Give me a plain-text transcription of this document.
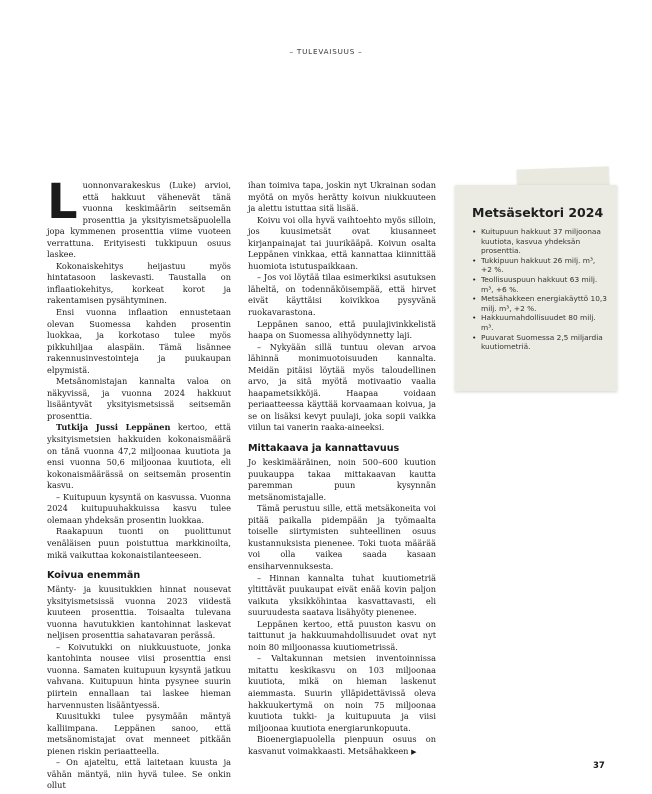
– TULEVAISUUS –
L uonnonvarakeskus (Luke) arvioi, että hakkuut vähenevät tänä vuonna keskimäärin seitsemän prosenttia ja yksityismetsäpuolella jopa kymmenen prosenttia viime vuoteen verrattuna. Erityisesti tukkipuun osuus laskee.

Kokonaiskehitys heijastuu myös hintatasoon laskevasti. Taustalla on inflaatiokehitys, korkeat korot ja rakentamisen pysähtyminen.

Ensi vuonna inflaation ennustetaan olevan Suomessa kahden prosentin luokkaa, ja korkotaso tulee myös pikkuhiljaa alaspäin. Tämä lisännee rakennusinvestointeja ja puukaupan elpymistä.

Metsänomistajan kannalta valoa on näkyvissä, ja vuonna 2024 hakkuut lisääntyvät yksityismetsissä seitsemän prosenttia.

Tutkija Jussi Leppänen kertoo, että yksityismetsien hakkuiden kokonaismäärä on tänä vuonna 47,2 miljoonaa kuutiota ja ensi vuonna 50,6 miljoonaa kuutiota, eli kokonaismäärässä on seitsemän prosentin kasvu.

– Kuitupuun kysyntä on kasvussa. Vuonna 2024 kuitupuuhakkuissa kasvu tulee olemaan yhdeksän prosentin luokkaa.

Raakapuun tuonti on puolittunut venäläisen puun poistuttua markkinoilta, mikä vaikuttaa kokonaistilanteeseen.

Koivua enemmän

Mänty- ja kuusitukkien hinnat nousevat yksityismetsissä vuonna 2023 viidestä kuuteen prosenttia. Toisaalta tulevana vuonna havutukkien kantohinnat laskevat neljisen prosenttia sahatavaran perässä.

– Koivutukki on niukkuustuote, jonka kantohinta nousee viisi prosenttia ensi vuonna. Samaten kuitupuun kysyntä jatkuu vahvana. Kuitupuun hinta pysynee suurin piirtein ennallaan tai laskee hieman harvennusten lisääntyessä.

Kuusitukki tulee pysymään mäntyä kalliimpana. Leppänen sanoo, että metsänomistajat ovat menneet pitkään pienen riskin periaatteella.

– On ajateltu, että laitetaan kuusta ja vähän mäntyä, niin hyvä tulee. Se onkin ollut

ihan toimiva tapa, joskin nyt Ukrainan sodan myötä on myös herätty koivun niukkuuteen ja alettu istuttaa sitä lisää.

Koivu voi olla hyvä vaihtoehto myös silloin, jos kuusimetsät ovat kiusanneet kirjanpainajat tai juurikääpä. Koivun osalta Leppänen vinkkaa, että kannattaa kiinnittää huomiota istutuspaikkaan.

– Jos voi löytää tilaa esimerkiksi asutuksen läheltä, on todennäköisempää, että hirvet eivät käyttäisi koivikkoa pysyvänä ruokavarastona.

Leppänen sanoo, että puulajivinkkelistä haapa on Suomessa alihyödynnetty laji.

– Nykyään sillä tuntuu olevan arvoa lähinnä monimuotoisuuden kannalta. Meidän pitäisi löytää myös taloudellinen arvo, ja sitä myötä motivaatio vaalia haapametsikköjä. Haapaa voidaan periaatteessa käyttää korvaamaan koivua, ja se on lisäksi kevyt puulaji, joka sopii vaikka viilun tai vanerin raaka-aineeksi.

Mittakaava ja kannattavuus

Jo keskimääräinen, noin 500–600 kuution puukauppa takaa mittakaavan kautta paremman puun kysynnän metsänomistajalle.

Tämä perustuu sille, että metsäkoneita voi pitää paikalla pidempään ja työmaalta toiselle siirtymisten suhteellinen osuus kustannuksista pienenee. Toki tuota määrää voi olla vaikea saada kasaan ensiharvennuksesta.

– Hinnan kannalta tuhat kuutiometriä yltittävät puukaupat eivät enää kovin paljon vaikuta yksikköhintaa kasvattavasti, eli suuruudesta saatava lisähyöty pienenee.

Leppänen kertoo, että puuston kasvu on taittunut ja hakkuumahdollisuudet ovat nyt noin 80 miljoonassa kuutiometrissä.

– Valtakunnan metsien inventoinnissa mitattu keskikasvu on 103 miljoonaa kuutiota, mikä on hieman laskenut aiemmasta. Suurin ylläpidettävissä oleva hakkuukertymä on noin 75 miljoonaa kuutiota tukki- ja kuitupuuta ja viisi miljoonaa kuutiota energiarunkopuuta.

Bioenergiapuolella pienpuun osuus on kasvanut voimakkaasti. Metsähakkeen ▶

Metsäsektori 2024
• Kuitupuun hakkuut 37 miljoonaa kuutiota, kasvua yhdeksän prosenttia.
• Tukkipuun hakkuut 26 milj. m³, +2 %.
• Teollisuuspuun hakkuut 63 milj. m³, +6 %.
• Metsähakkeen energiakäyttö 10,3 milj. m³, +2 %.
• Hakkuumahdollisuudet 80 milj. m³.
• Puuvarat Suomessa 2,5 miljardia kuutiometriä.
37
